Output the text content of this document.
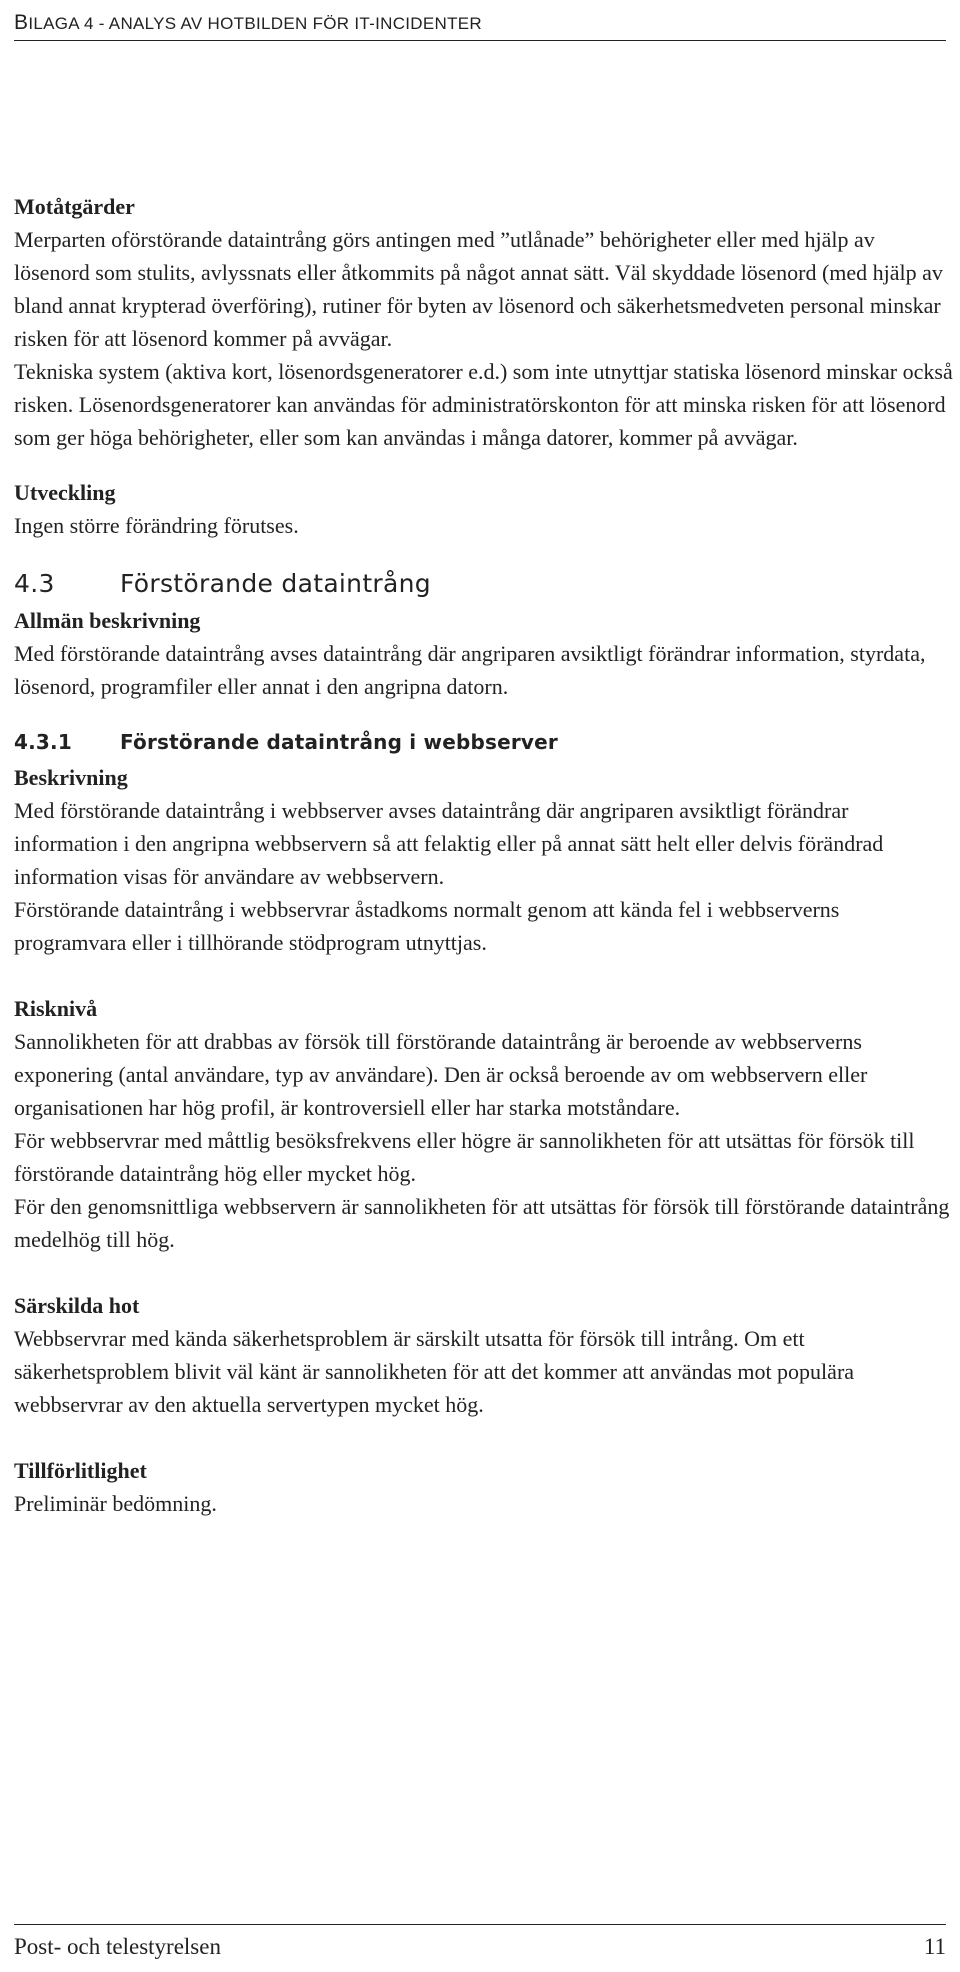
BILAGA 4 - ANALYS AV HOTBILDEN FÖR IT-INCIDENTER
Motåtgärder

Merparten oförstörande dataintrång görs antingen med ”utlånade” behörigheter eller med hjälp av lösenord som stulits, avlyssnats eller åtkommits på något annat sätt. Väl skyddade lösenord (med hjälp av bland annat krypterad överföring), rutiner för byten av lösenord och säkerhetsmedveten personal minskar risken för att lösenord kommer på avvägar.

Tekniska system (aktiva kort, lösenordsgeneratorer e.d.) som inte utnyttjar statiska lösenord minskar också risken. Lösenordsgeneratorer kan användas för administratörskonton för att minska risken för att lösenord som ger höga behörigheter, eller som kan användas i många datorer, kommer på avvägar.

Utveckling

Ingen större förändring förutses.

4.3	Förstörande dataintrång
Allmän beskrivning

Med förstörande dataintrång avses dataintrång där angriparen avsiktligt förändrar information, styrdata, lösenord, programfiler eller annat i den angripna datorn.

4.3.1 Förstörande dataintrång i webbserver
Beskrivning

Med förstörande dataintrång i webbserver avses dataintrång där angriparen avsiktligt förändrar information i den angripna webbservern så att felaktig eller på annat sätt helt eller delvis förändrad information visas för användare av webbservern.

Förstörande dataintrång i webbservrar åstadkoms normalt genom att kända fel i webbserverns programvara eller i tillhörande stödprogram utnyttjas.

Risknivå

Sannolikheten för att drabbas av försök till förstörande dataintrång är beroende av webbserverns exponering (antal användare, typ av användare). Den är också beroende av om webbservern eller organisationen har hög profil, är kontroversiell eller har starka motståndare.

För webbservrar med måttlig besöksfrekvens eller högre är sannolikheten för att utsättas för försök till förstörande dataintrång hög eller mycket hög.

För den genomsnittliga webbservern är sannolikheten för att utsättas för försök till förstörande dataintrång medelhög till hög.

Särskilda hot

Webbservrar med kända säkerhetsproblem är särskilt utsatta för försök till intrång. Om ett säkerhetsproblem blivit väl känt är sannolikheten för att det kommer att användas mot populära webbservrar av den aktuella servertypen mycket hög.

Tillförlitlighet

Preliminär bedömning.

Post- och telestyrelsen	11
